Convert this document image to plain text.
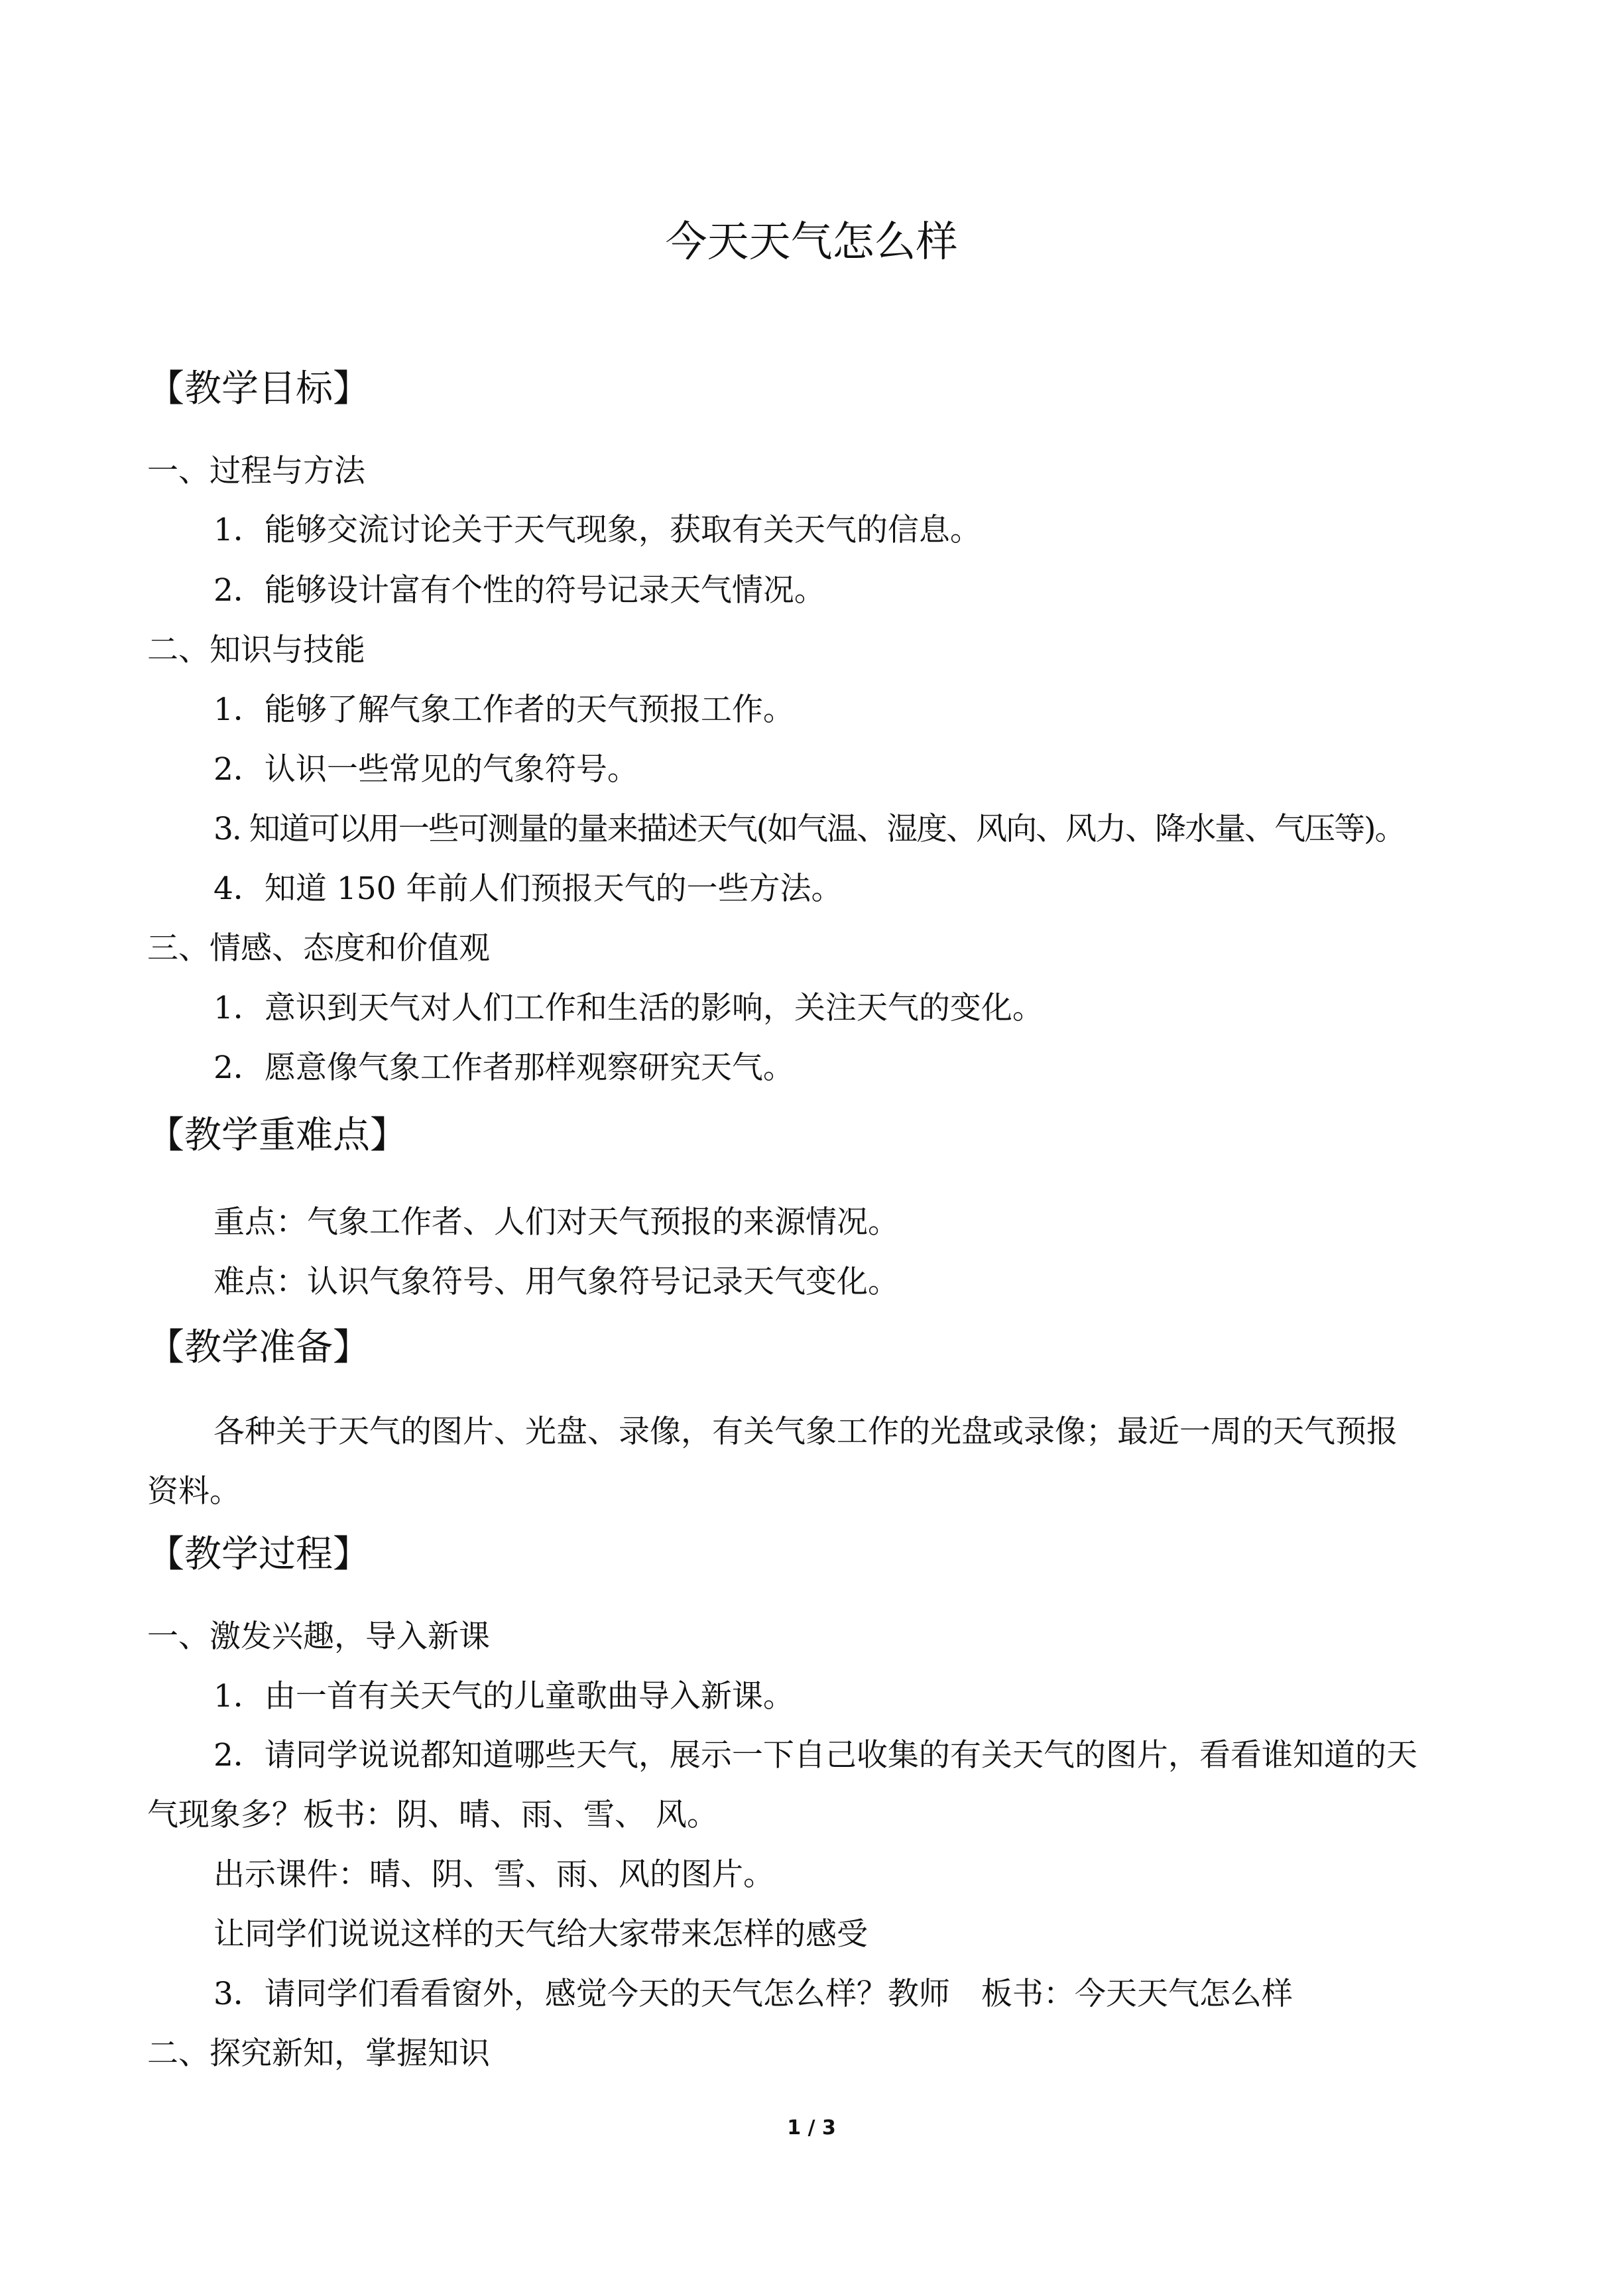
今天天气怎么样
【教学目标】
一、过程与方法
1．能够交流讨论关于天气现象，获取有关天气的信息。
2．能够设计富有个性的符号记录天气情况。
二、知识与技能
1．能够了解气象工作者的天气预报工作。
2．认识一些常见的气象符号。
3. 知道可以用一些可测量的量来描述天气(如气温、湿度、风向、风力、降水量、气压等)。
4．知道 150 年前人们预报天气的一些方法。
三、情感、态度和价值观
1．意识到天气对人们工作和生活的影响，关注天气的变化。
2．愿意像气象工作者那样观察研究天气。
【教学重难点】
重点：气象工作者、人们对天气预报的来源情况。
难点：认识气象符号、用气象符号记录天气变化。
【教学准备】
各种关于天气的图片、光盘、录像，有关气象工作的光盘或录像；最近一周的天气预报
资料。
【教学过程】
一、激发兴趣，导入新课
1．由一首有关天气的儿童歌曲导入新课。
2．请同学说说都知道哪些天气，展示一下自己收集的有关天气的图片，看看谁知道的天
气现象多？板书：阴、晴、雨、雪、 风。
出示课件：晴、阴、雪、雨、风的图片。
让同学们说说这样的天气给大家带来怎样的感受
3．请同学们看看窗外，感觉今天的天气怎么样？教师　板书：今天天气怎么样
二、探究新知，掌握知识
1 / 3
